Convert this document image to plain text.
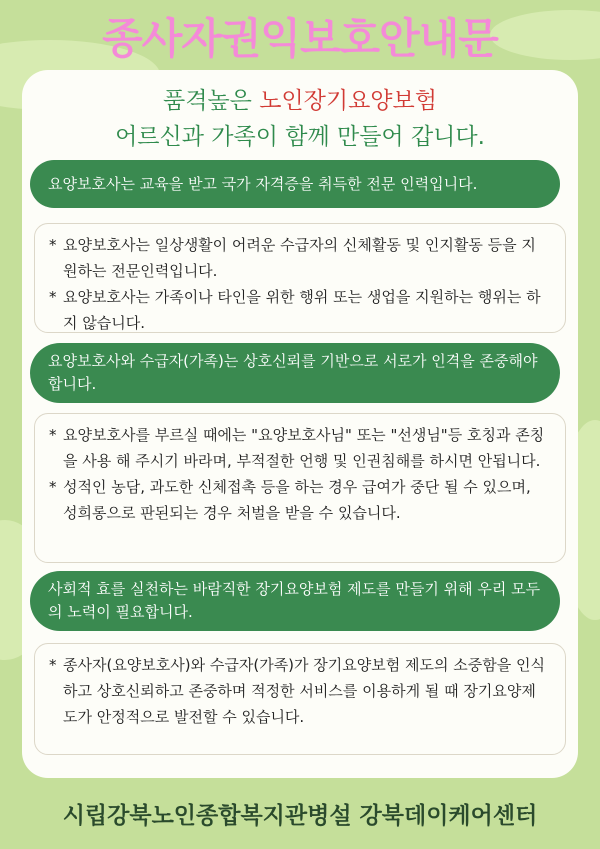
종사자권익보호안내문
품격높은 노인장기요양보험
어르신과 가족이 함께 만들어 갑니다.
요양보호사는 교육을 받고 국가 자격증을 취득한 전문 인력입니다.
* 요양보호사는 일상생활이 어려운 수급자의 신체활동 및 인지활동 등을 지원하는 전문인력입니다.
* 요양보호사는 가족이나 타인을 위한 행위 또는 생업을 지원하는 행위는 하지 않습니다.
요양보호사와 수급자(가족)는 상호신뢰를 기반으로 서로가 인격을 존중해야 합니다.
* 요양보호사를 부르실 때에는 "요양보호사님" 또는 "선생님"등 호칭과 존칭을 사용 해 주시기 바라며, 부적절한 언행 및 인권침해를 하시면 안됩니다.
* 성적인 농담, 과도한 신체접촉 등을 하는 경우 급여가 중단 될 수 있으며, 성희롱으로 판된되는 경우 처벌을 받을 수 있습니다.
사회적 효를 실천하는 바람직한 장기요양보험 제도를 만들기 위해 우리 모두의 노력이 필요합니다.
* 종사자(요양보호사)와 수급자(가족)가 장기요양보험 제도의 소중함을 인식하고 상호신뢰하고 존중하며 적정한 서비스를 이용하게 될 때 장기요양제도가 안정적으로 발전할 수 있습니다.
시립강북노인종합복지관병설 강북데이케어센터
